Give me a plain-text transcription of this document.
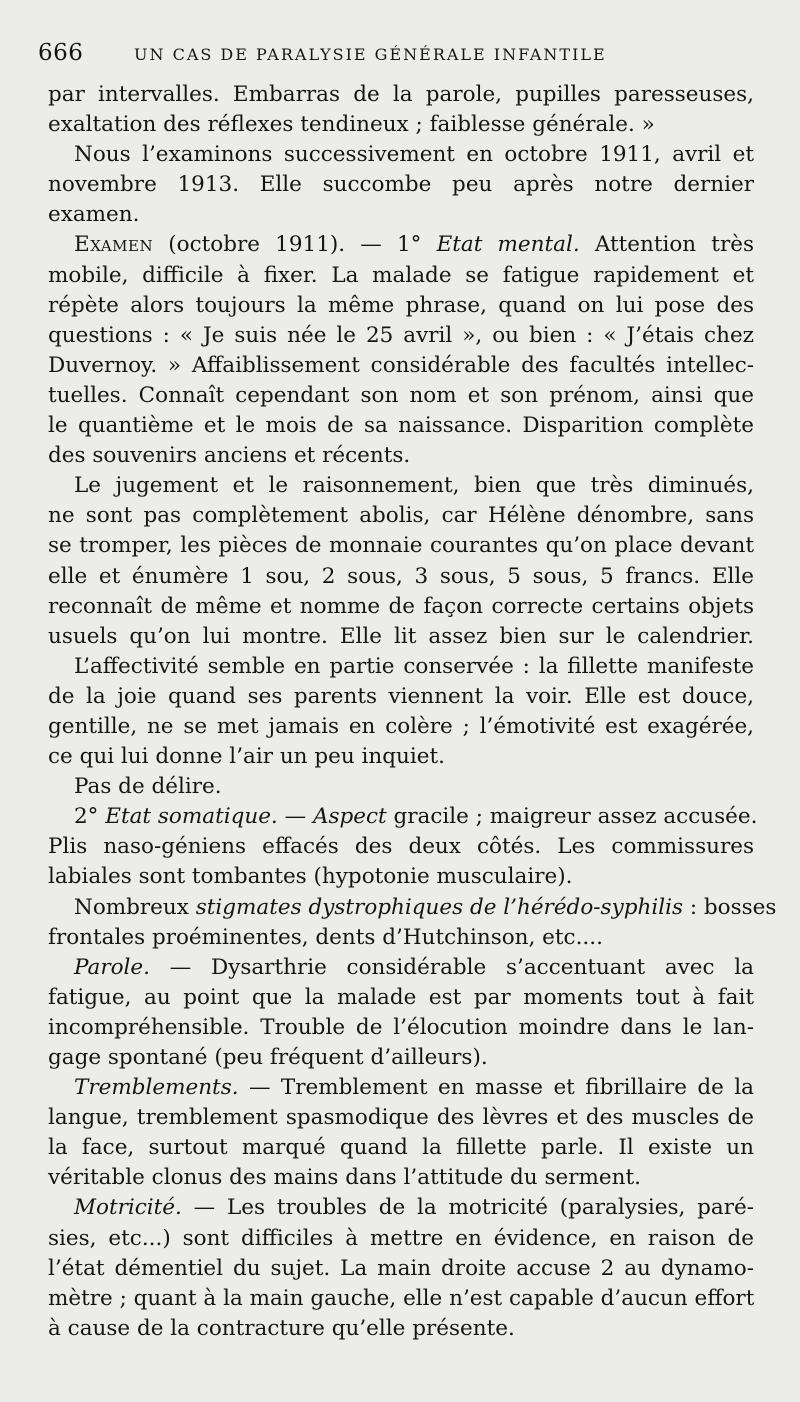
666	UN CAS DE PARALYSIE GÉNÉRALE INFANTILE
par intervalles. Embarras de la parole, pupilles paresseuses,
exaltation des réflexes tendineux ; faiblesse générale. »
Nous l’examinons successivement en octobre 1911, avril et
novembre 1913. Elle succombe peu après notre dernier
examen.
Examen (octobre 1911). — 1° Etat mental. Attention très
mobile, difficile à fixer. La malade se fatigue rapidement et
répète alors toujours la même phrase, quand on lui pose des
questions : « Je suis née le 25 avril », ou bien : « J’étais chez
Duvernoy. » Affaiblissement considérable des facultés intellec-
tuelles. Connaît cependant son nom et son prénom, ainsi que
le quantième et le mois de sa naissance. Disparition complète
des souvenirs anciens et récents.
Le jugement et le raisonnement, bien que très diminués,
ne sont pas complètement abolis, car Hélène dénombre, sans
se tromper, les pièces de monnaie courantes qu’on place devant
elle et énumère 1 sou, 2 sous, 3 sous, 5 sous, 5 francs. Elle
reconnaît de même et nomme de façon correcte certains objets
usuels qu’on lui montre. Elle lit assez bien sur le calendrier.
L’affectivité semble en partie conservée : la fillette manifeste
de la joie quand ses parents viennent la voir. Elle est douce,
gentille, ne se met jamais en colère ; l’émotivité est exagérée,
ce qui lui donne l’air un peu inquiet.
Pas de délire.
2° Etat somatique. — Aspect gracile ; maigreur assez accusée.
Plis naso-géniens effacés des deux côtés. Les commissures
labiales sont tombantes (hypotonie musculaire).
Nombreux stigmates dystrophiques de l’hérédo-syphilis : bosses
frontales proéminentes, dents d’Hutchinson, etc....
Parole. — Dysarthrie considérable s’accentuant avec la
fatigue, au point que la malade est par moments tout à fait
incompréhensible. Trouble de l’élocution moindre dans le lan-
gage spontané (peu fréquent d’ailleurs).
Tremblements. — Tremblement en masse et fibrillaire de la
langue, tremblement spasmodique des lèvres et des muscles de
la face, surtout marqué quand la fillette parle. Il existe un
véritable clonus des mains dans l’attitude du serment.
Motricité. — Les troubles de la motricité (paralysies, paré-
sies, etc...) sont difficiles à mettre en évidence, en raison de
l’état démentiel du sujet. La main droite accuse 2 au dynamo-
mètre ; quant à la main gauche, elle n’est capable d’aucun effort
à cause de la contracture qu’elle présente.
